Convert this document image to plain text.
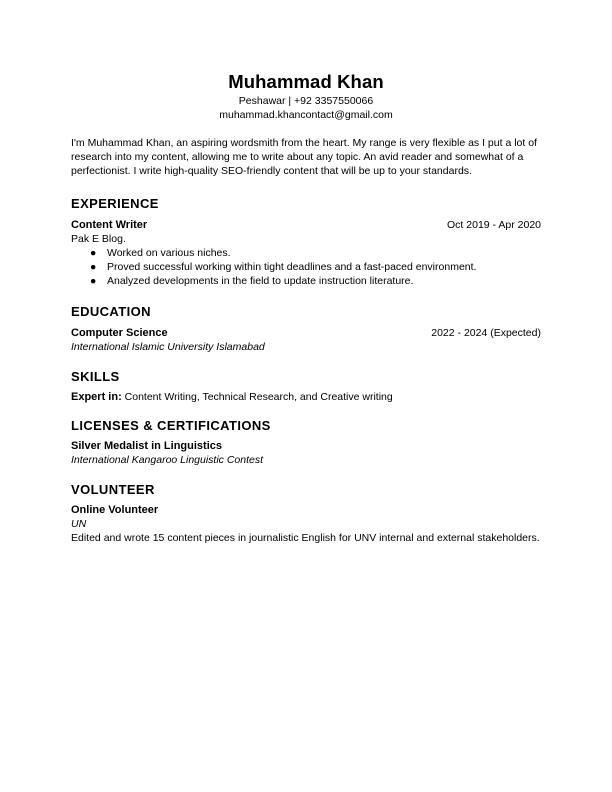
Muhammad Khan
Peshawar | +92 3357550066
muhammad.khancontact@gmail.com

I'm Muhammad Khan, an aspiring wordsmith from the heart. My range is very flexible as I put a lot of research into my content, allowing me to write about any topic. An avid reader and somewhat of a perfectionist. I write high-quality SEO-friendly content that will be up to your standards.

EXPERIENCE
Content Writer	Oct 2019 - Apr 2020
Pak E Blog.
● Worked on various niches.
● Proved successful working within tight deadlines and a fast-paced environment.
● Analyzed developments in the field to update instruction literature.
EDUCATION
Computer Science	2022 - 2024 (Expected)
International Islamic University Islamabad
SKILLS
Expert in: Content Writing, Technical Research, and Creative writing
LICENSES & CERTIFICATIONS
Silver Medalist in Linguistics
International Kangaroo Linguistic Contest
VOLUNTEER
Online Volunteer
UN
Edited and wrote 15 content pieces in journalistic English for UNV internal and external stakeholders.
